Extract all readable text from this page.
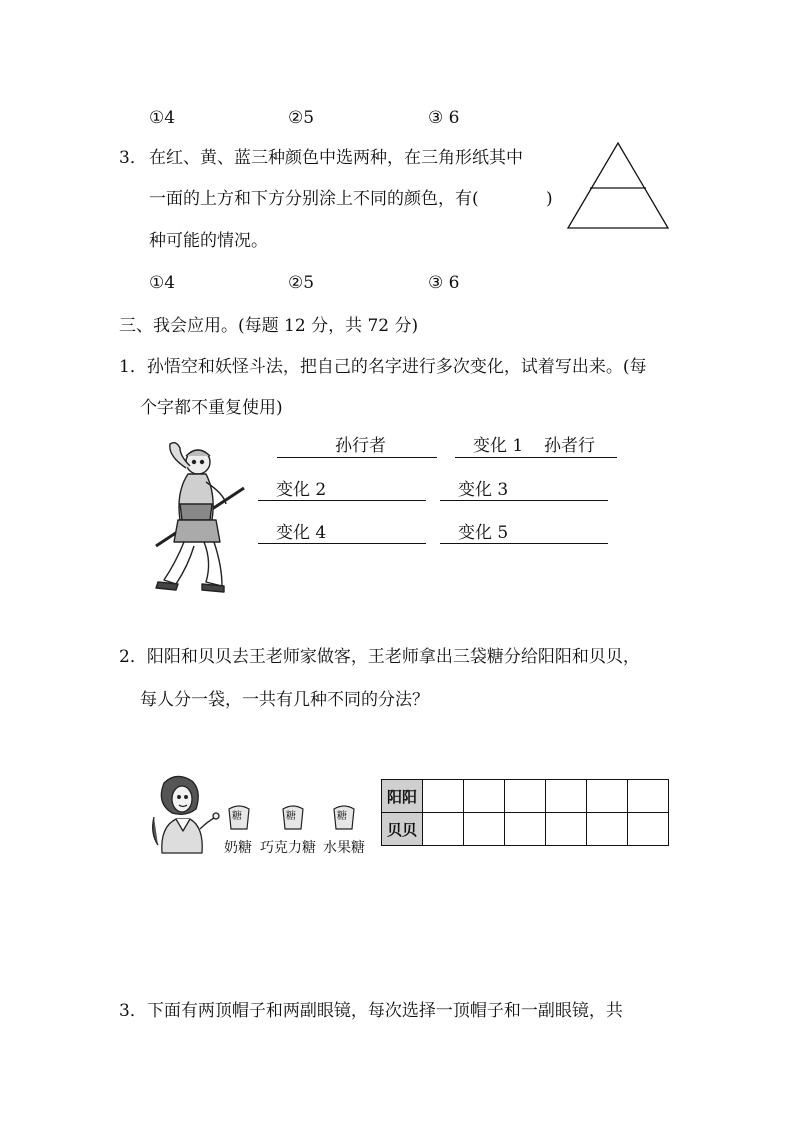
①4	②5	③ 6
3． 在红、黄、蓝三种颜色中选两种，在三角形纸其中
一面的上方和下方分别涂上不同的颜色，有(	)
种可能的情况。
①4	②5	③ 6
三、我会应用。(每题 12 分，共 72 分)
1．孙悟空和妖怪斗法，把自己的名字进行多次变化，试着写出来。(每
个字都不重复使用)
孙行者	变化 1 孙者行
变化 2	变化 3
变化 4	变化 5
2．阳阳和贝贝去王老师家做客，王老师拿出三袋糖分给阳阳和贝贝，
每人分一袋，一共有几种不同的分法？
糖	糖	糖
奶糖 巧克力糖 水果糖
阳阳						
贝贝						
3．下面有两顶帽子和两副眼镜，每次选择一顶帽子和一副眼镜，共
